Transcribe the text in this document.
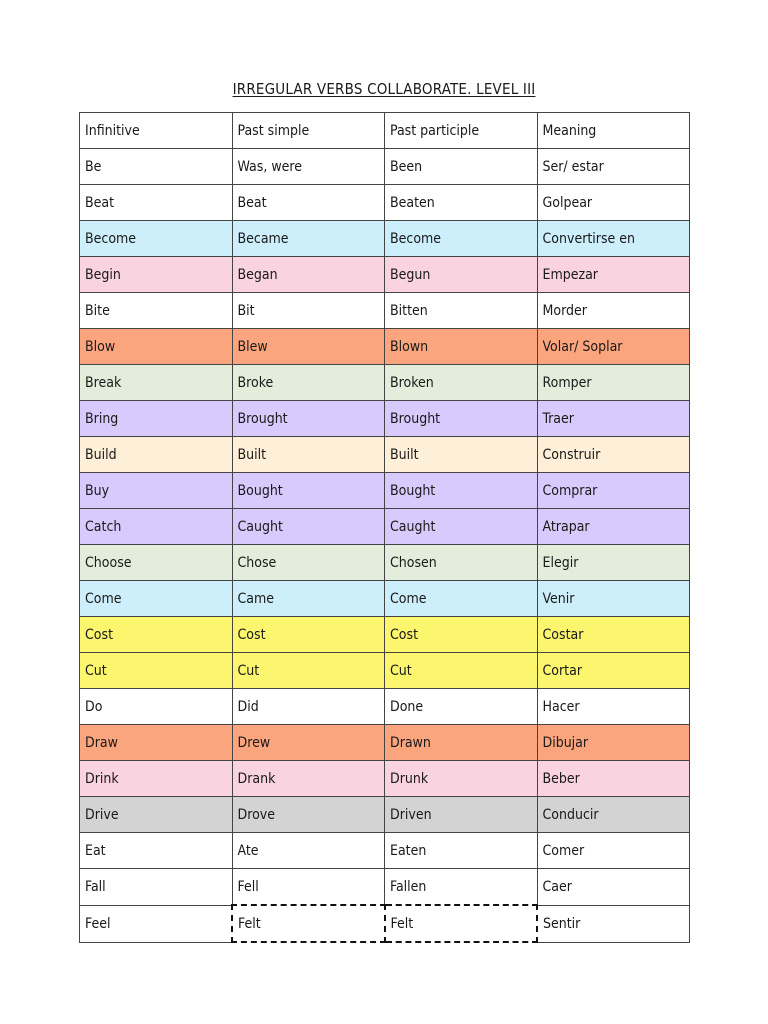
IRREGULAR VERBS COLLABORATE. LEVEL III
Infinitive	Past simple	Past participle	Meaning
Be	Was, were	Been	Ser/ estar
Beat	Beat	Beaten	Golpear
Become	Became	Become	Convertirse en
Begin	Began	Begun	Empezar
Bite	Bit	Bitten	Morder
Blow	Blew	Blown	Volar/ Soplar
Break	Broke	Broken	Romper
Bring	Brought	Brought	Traer
Build	Built	Built	Construir
Buy	Bought	Bought	Comprar
Catch	Caught	Caught	Atrapar
Choose	Chose	Chosen	Elegir
Come	Came	Come	Venir
Cost	Cost	Cost	Costar
Cut	Cut	Cut	Cortar
Do	Did	Done	Hacer
Draw	Drew	Drawn	Dibujar
Drink	Drank	Drunk	Beber
Drive	Drove	Driven	Conducir
Eat	Ate	Eaten	Comer
Fall	Fell	Fallen	Caer
Feel	Felt	Felt	Sentir
